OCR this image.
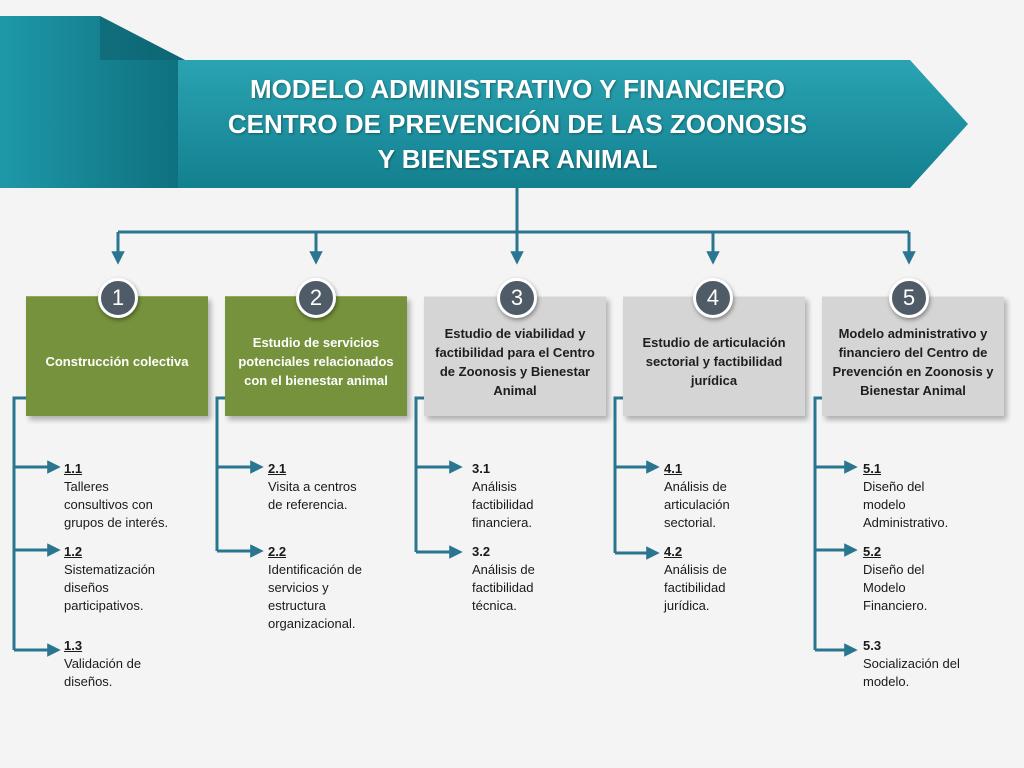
MODELO ADMINISTRATIVO Y FINANCIERO
CENTRO DE PREVENCIÓN DE LAS ZOONOSIS
Y BIENESTAR ANIMAL
Construcción colectiva
Estudio de servicios potenciales relacionados con el bienestar animal
Estudio de viabilidad y factibilidad para el Centro de Zoonosis y Bienestar Animal
Estudio de articulación sectorial y factibilidad jurídica
Modelo administrativo y financiero del Centro de Prevención en Zoonosis y Bienestar Animal
1	2	3	4	5
1.1
Talleres
consultivos con
grupos de interés.
1.2
Sistematización
diseños
participativos.
1.3
Validación de
diseños.
2.1
Visita a centros
de referencia.
2.2
Identificación de
servicios y
estructura
organizacional.
3.1
Análisis
factibilidad
financiera.
3.2
Análisis de
factibilidad
técnica.
4.1
Análisis de
articulación
sectorial.
4.2
Análisis de
factibilidad
jurídica.
5.1
Diseño del
modelo
Administrativo.
5.2
Diseño del
Modelo
Financiero.
5.3
Socialización del
modelo.
